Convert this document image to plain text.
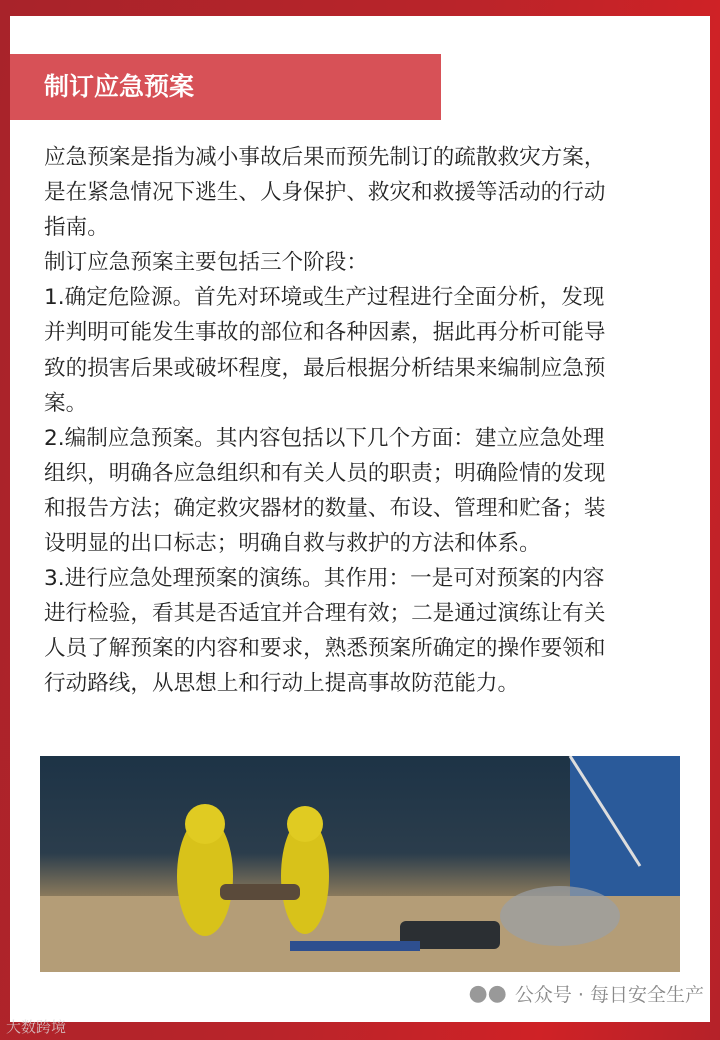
制订应急预案
应急预案是指为减小事故后果而预先制订的疏散救灾方案，
是在紧急情况下逃生、人身保护、救灾和救援等活动的行动
指南。
制订应急预案主要包括三个阶段：
1.确定危险源。首先对环境或生产过程进行全面分析，发现
并判明可能发生事故的部位和各种因素，据此再分析可能导
致的损害后果或破坏程度，最后根据分析结果来编制应急预
案。
2.编制应急预案。其内容包括以下几个方面：建立应急处理
组织，明确各应急组织和有关人员的职责；明确险情的发现
和报告方法；确定救灾器材的数量、布设、管理和贮备；装
设明显的出口标志；明确自救与救护的方法和体系。
3.进行应急处理预案的演练。其作用：一是可对预案的内容
进行检验，看其是否适宜并合理有效；二是通过演练让有关
人员了解预案的内容和要求，熟悉预案所确定的操作要领和
行动路线，从思想上和行动上提高事故防范能力。
●● 公众号 · 每日安全生产
大数跨境
